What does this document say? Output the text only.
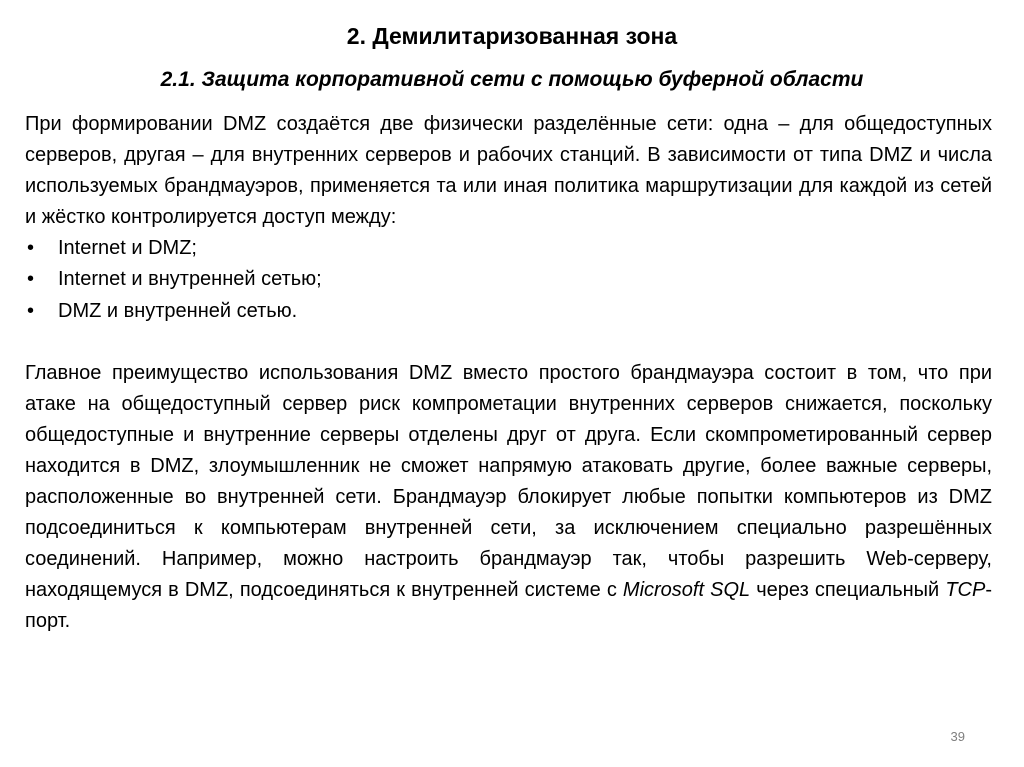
2. Демилитаризованная зона
2.1. Защита корпоративной сети с помощью буферной области

При формировании DMZ создаётся две физически разделённые сети: одна – для общедоступных серверов, другая – для внутренних серверов и рабочих станций. В зависимости от типа DMZ и числа используемых брандмауэров, применяется та или иная политика маршрутизации для каждой из сетей и жёстко контролируется доступ между:

• Internet и DMZ;
• Internet и внутренней сетью;
• DMZ и внутренней сетью.

Главное преимущество использования DMZ вместо простого брандмауэра состоит в том, что при атаке на общедоступный сервер риск компрометации внутренних серверов снижается, поскольку общедоступные и внутренние серверы отделены друг от друга. Если скомпрометированный сервер находится в DMZ, злоумышленник не сможет напрямую атаковать другие, более важные серверы, расположенные во внутренней сети. Брандмауэр блокирует любые попытки компьютеров из DMZ подсоединиться к компьютерам внутренней сети, за исключением специально разрешённых соединений. Например, можно настроить брандмауэр так, чтобы разрешить Web-серверу, находящемуся в DMZ, подсоединяться к внутренней системе с Microsoft SQL через специальный TCP-порт.

39
